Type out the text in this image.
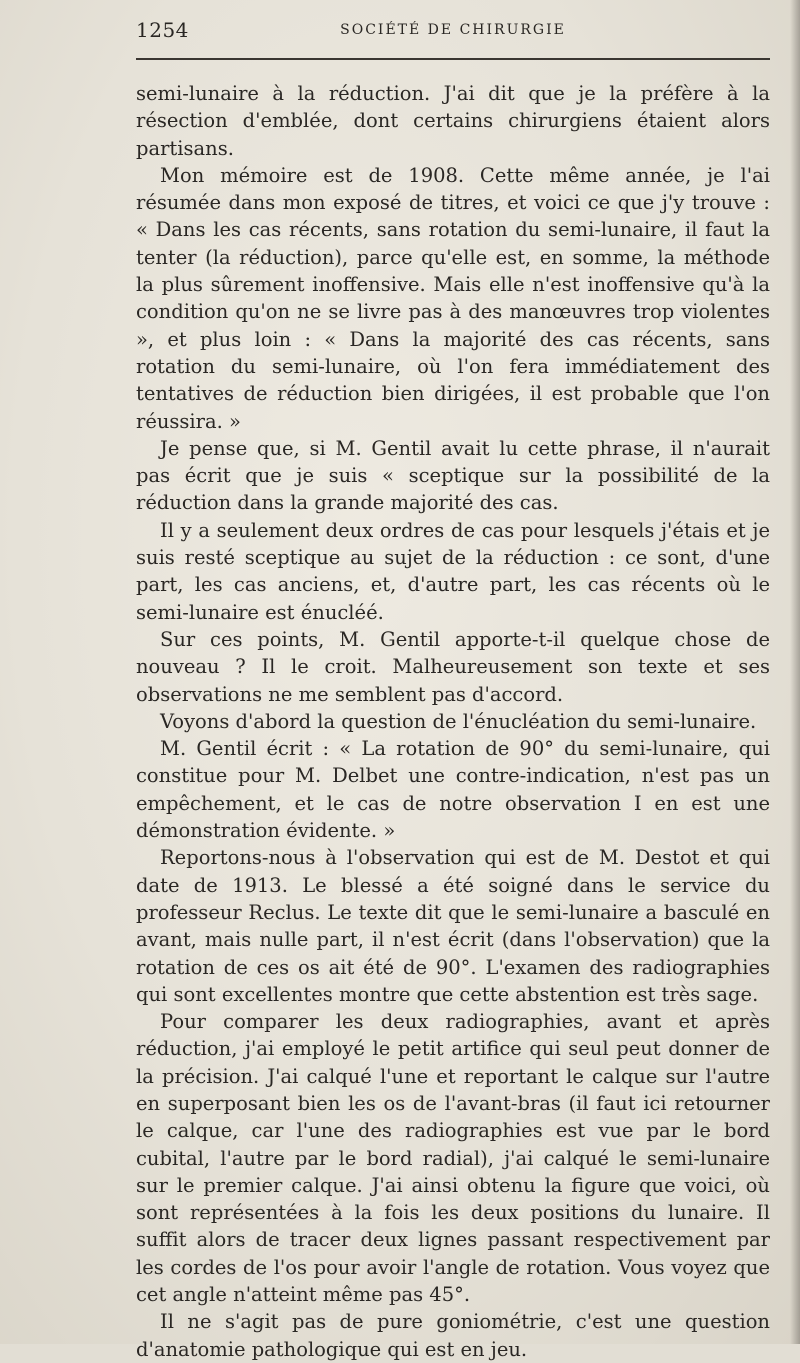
1254	SOCIÉTÉ DE CHIRURGIE

semi-lunaire à la réduction. J'ai dit que je la préfère à la résection d'emblée, dont certains chirurgiens étaient alors partisans.

Mon mémoire est de 1908. Cette même année, je l'ai résumée dans mon exposé de titres, et voici ce que j'y trouve : « Dans les cas récents, sans rotation du semi-lunaire, il faut la tenter (la réduction), parce qu'elle est, en somme, la méthode la plus sûrement inoffensive. Mais elle n'est inoffensive qu'à la condition qu'on ne se livre pas à des manœuvres trop violentes », et plus loin : « Dans la majorité des cas récents, sans rotation du semi-lunaire, où l'on fera immédiatement des tentatives de réduction bien dirigées, il est probable que l'on réussira. »

Je pense que, si M. Gentil avait lu cette phrase, il n'aurait pas écrit que je suis « sceptique sur la possibilité de la réduction dans la grande majorité des cas.

Il y a seulement deux ordres de cas pour lesquels j'étais et je suis resté sceptique au sujet de la réduction : ce sont, d'une part, les cas anciens, et, d'autre part, les cas récents où le semi-lunaire est énucléé.

Sur ces points, M. Gentil apporte-t-il quelque chose de nouveau ? Il le croit. Malheureusement son texte et ses observations ne me semblent pas d'accord.

Voyons d'abord la question de l'énucléation du semi-lunaire.

M. Gentil écrit : « La rotation de 90° du semi-lunaire, qui constitue pour M. Delbet une contre-indication, n'est pas un empêchement, et le cas de notre observation I en est une démonstration évidente. »

Reportons-nous à l'observation qui est de M. Destot et qui date de 1913. Le blessé a été soigné dans le service du professeur Reclus. Le texte dit que le semi-lunaire a basculé en avant, mais nulle part, il n'est écrit (dans l'observation) que la rotation de ces os ait été de 90°. L'examen des radiographies qui sont excellentes montre que cette abstention est très sage.

Pour comparer les deux radiographies, avant et après réduction, j'ai employé le petit artifice qui seul peut donner de la précision. J'ai calqué l'une et reportant le calque sur l'autre en superposant bien les os de l'avant-bras (il faut ici retourner le calque, car l'une des radiographies est vue par le bord cubital, l'autre par le bord radial), j'ai calqué le semi-lunaire sur le premier calque. J'ai ainsi obtenu la figure que voici, où sont représentées à la fois les deux positions du lunaire. Il suffit alors de tracer deux lignes passant respectivement par les cordes de l'os pour avoir l'angle de rotation. Vous voyez que cet angle n'atteint même pas 45°.

Il ne s'agit pas de pure goniométrie, c'est une question d'anatomie pathologique qui est en jeu.
